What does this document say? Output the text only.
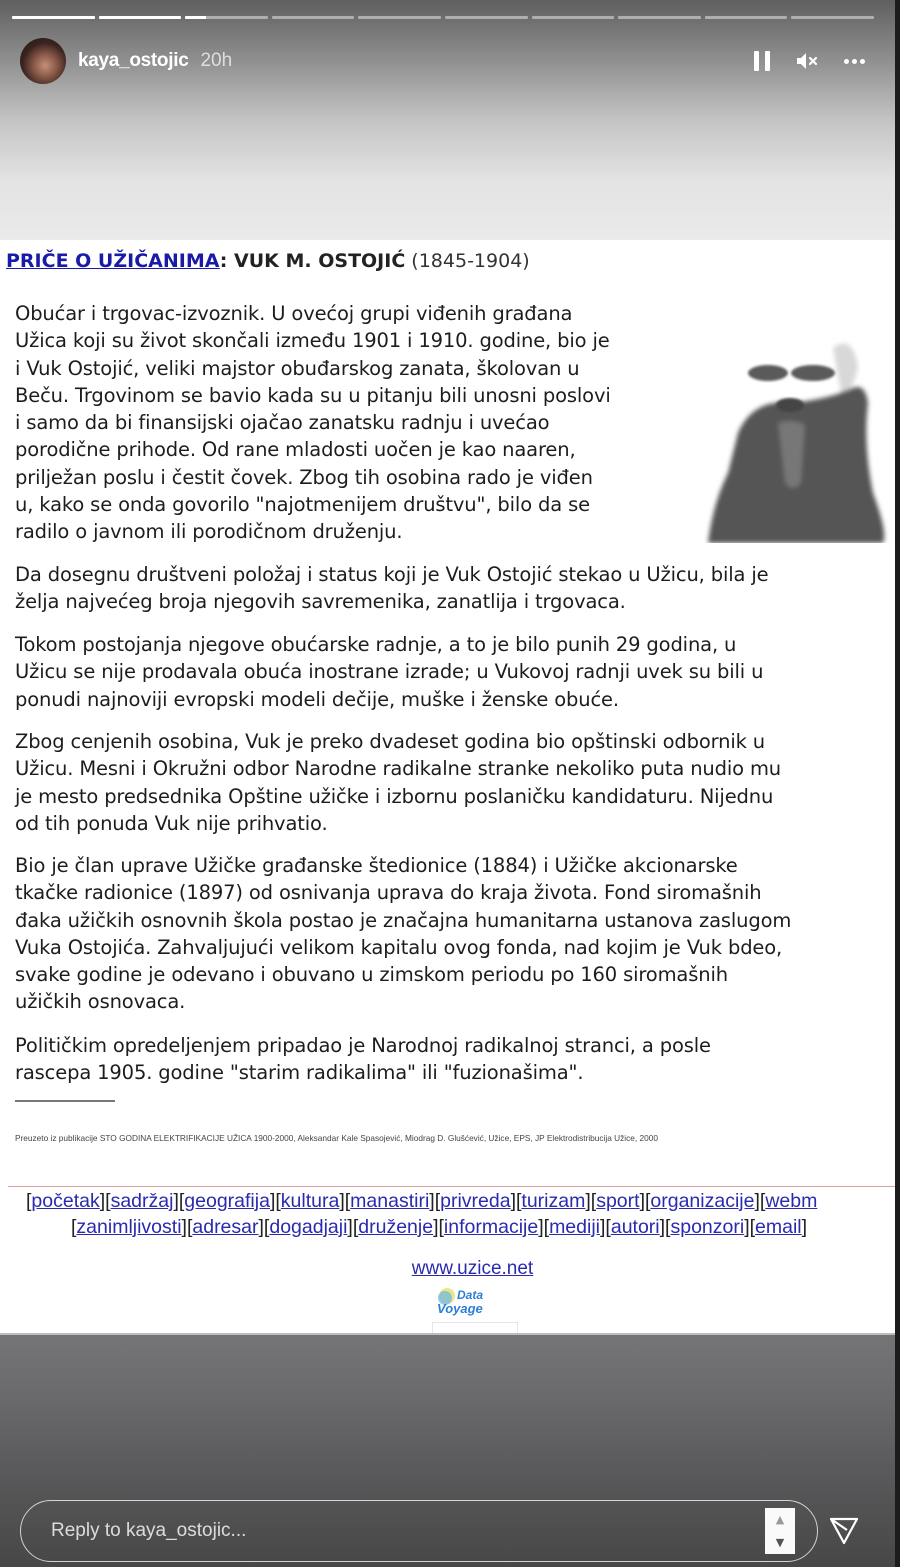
PRIČE O UŽIČANIMA: VUK M. OSTOJIĆ (1845-1904)
Obućar i trgovac-izvoznik. U ovećoj grupi viđenih građana
Užica koji su život skončali između 1901 i 1910. godine, bio je
i Vuk Ostojić, veliki majstor obuđarskog zanata, školovan u
Beču. Trgovinom se bavio kada su u pitanju bili unosni poslovi
i samo da bi finansijski ojačao zanatsku radnju i uvećao
porodične prihode. Od rane mladosti uočen je kao naaren,
priljеžan poslu i čestit čovek. Zbog tih osobina rado je viđen
u, kako se onda govorilo "najotmenijem društvu", bilo da se
radilo o javnom ili porodičnom druženju.
Da dosegnu društveni položaj i status koji je Vuk Ostojić stekao u Užicu, bila je
želja najvećeg broja njegovih savremenika, zanatlija i trgovaca.
Tokom postojanja njegove obućarske radnje, a to je bilo punih 29 godina, u
Užicu se nije prodavala obuća inostrane izrade; u Vukovoj radnji uvek su bili u
ponudi najnoviji evropski modeli dečije, muške i ženske obuće.
Zbog cenjenih osobina, Vuk je preko dvadeset godina bio opštinski odbornik u
Užicu. Mesni i Okružni odbor Narodne radikalne stranke nekoliko puta nudio mu
je mesto predsednika Opštine užičke i izbornu poslaničku kandidaturu. Nijednu
od tih ponuda Vuk nije prihvatio.
Bio je član uprave Užičke građanske štedionice (1884) i Užičke akcionarske
tkačke radionice (1897) od osnivanja uprava do kraja života. Fond siromašnih
đaka užičkih osnovnih škola postao je značajna humanitarna ustanova zaslugom
Vuka Ostojića. Zahvaljujući velikom kapitalu ovog fonda, nad kojim je Vuk bdeo,
svake godine je odevano i obuvano u zimskom periodu po 160 siromašnih
užičkih osnovaca.
Političkim opredeljenjem pripadao je Narodnoj radikalnoj stranci, a posle
rascepa 1905. godine "starim radikalima" ili "fuzionašima".
Preuzeto iz publikacije STO GODINA ELEKTRIFIKACIJE UŽICA 1900-2000, Aleksandar Kale Spasojević, Miodrag D. Glušćević, Užice, EPS, JP Elektrodistribucija Užice, 2000
[početak][sadržaj][geografija][kultura][manastiri][privreda][turizam][sport][organizacije][webm
[zanimljivosti][adresar][dogadjaji][druženje][informacije][mediji][autori][sponzori][email]
www.uzice.net
Data
Voyage
kaya_ostojic 20h
Reply to kaya_ostojic...
▲
▼
